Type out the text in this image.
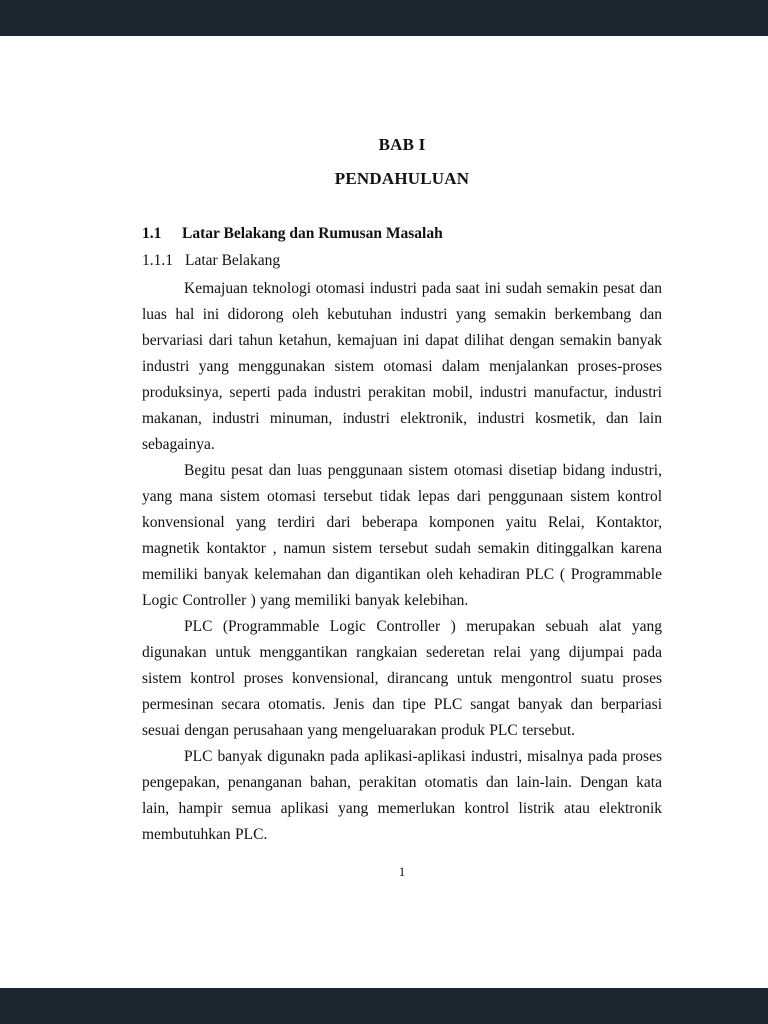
BAB I

PENDAHULUAN

1.1 Latar Belakang dan Rumusan Masalah

1.1.1 Latar Belakang

Kemajuan teknologi otomasi industri pada saat ini sudah semakin pesat dan luas hal ini didorong oleh kebutuhan industri yang semakin berkembang dan bervariasi dari tahun ketahun, kemajuan ini dapat dilihat dengan semakin banyak industri yang menggunakan sistem otomasi dalam menjalankan proses-proses produksinya, seperti pada industri perakitan mobil, industri manufactur, industri makanan, industri minuman, industri elektronik, industri kosmetik, dan lain sebagainya.

Begitu pesat dan luas penggunaan sistem otomasi disetiap bidang industri, yang mana sistem otomasi tersebut tidak lepas dari penggunaan sistem kontrol konvensional yang terdiri dari beberapa komponen yaitu Relai, Kontaktor, magnetik kontaktor , namun sistem tersebut sudah semakin ditinggalkan karena memiliki banyak kelemahan dan digantikan oleh kehadiran PLC ( Programmable Logic Controller ) yang memiliki banyak kelebihan.

PLC (Programmable Logic Controller ) merupakan sebuah alat yang digunakan untuk menggantikan rangkaian sederetan relai yang dijumpai pada sistem kontrol proses konvensional, dirancang untuk mengontrol suatu proses permesinan secara otomatis. Jenis dan tipe PLC sangat banyak dan berpariasi sesuai dengan perusahaan yang mengeluarakan produk PLC tersebut.

PLC banyak digunakn pada aplikasi-aplikasi industri, misalnya pada proses pengepakan, penanganan bahan, perakitan otomatis dan lain-lain. Dengan kata lain, hampir semua aplikasi yang memerlukan kontrol listrik atau elektronik membutuhkan PLC.

1
